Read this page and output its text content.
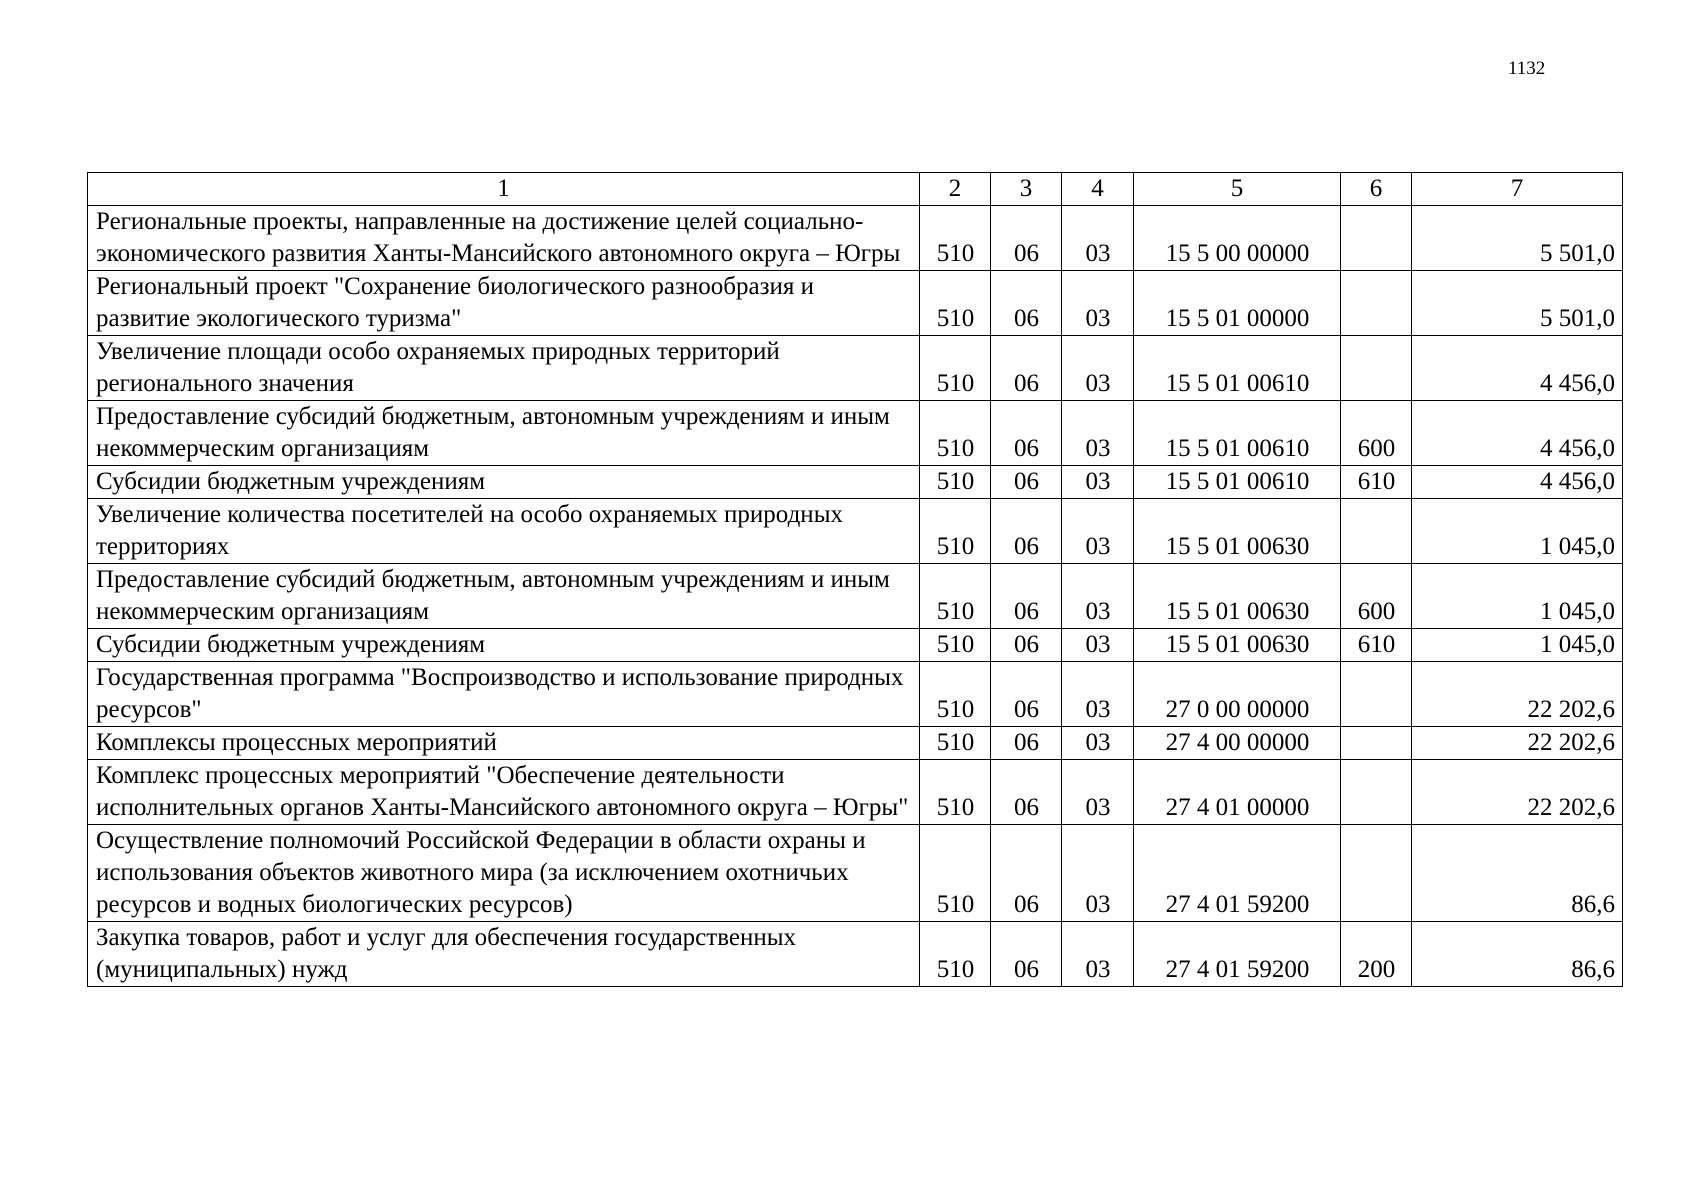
1132
1	2	3	4	5	6	7
Региональные проекты, направленные на достижение целей социально-экономического развития Ханты-Мансийского автономного округа – Югры	510	06	03	15 5 00 00000		5 501,0
Региональный проект "Сохранение биологического разнообразия и развитие экологического туризма"	510	06	03	15 5 01 00000		5 501,0
Увеличение площади особо охраняемых природных территорий регионального значения	510	06	03	15 5 01 00610		4 456,0
Предоставление субсидий бюджетным, автономным учреждениям и иным некоммерческим организациям	510	06	03	15 5 01 00610	600	4 456,0
Субсидии бюджетным учреждениям	510	06	03	15 5 01 00610	610	4 456,0
Увеличение количества посетителей на особо охраняемых природных территориях	510	06	03	15 5 01 00630		1 045,0
Предоставление субсидий бюджетным, автономным учреждениям и иным некоммерческим организациям	510	06	03	15 5 01 00630	600	1 045,0
Субсидии бюджетным учреждениям	510	06	03	15 5 01 00630	610	1 045,0
Государственная программа "Воспроизводство и использование природных ресурсов"	510	06	03	27 0 00 00000		22 202,6
Комплексы процессных мероприятий	510	06	03	27 4 00 00000		22 202,6
Комплекс процессных мероприятий "Обеспечение деятельности исполнительных органов Ханты-Мансийского автономного округа – Югры"	510	06	03	27 4 01 00000		22 202,6
Осуществление полномочий Российской Федерации в области охраны и использования объектов животного мира (за исключением охотничьих ресурсов и водных биологических ресурсов)	510	06	03	27 4 01 59200		86,6
Закупка товаров, работ и услуг для обеспечения государственных (муниципальных) нужд	510	06	03	27 4 01 59200	200	86,6
